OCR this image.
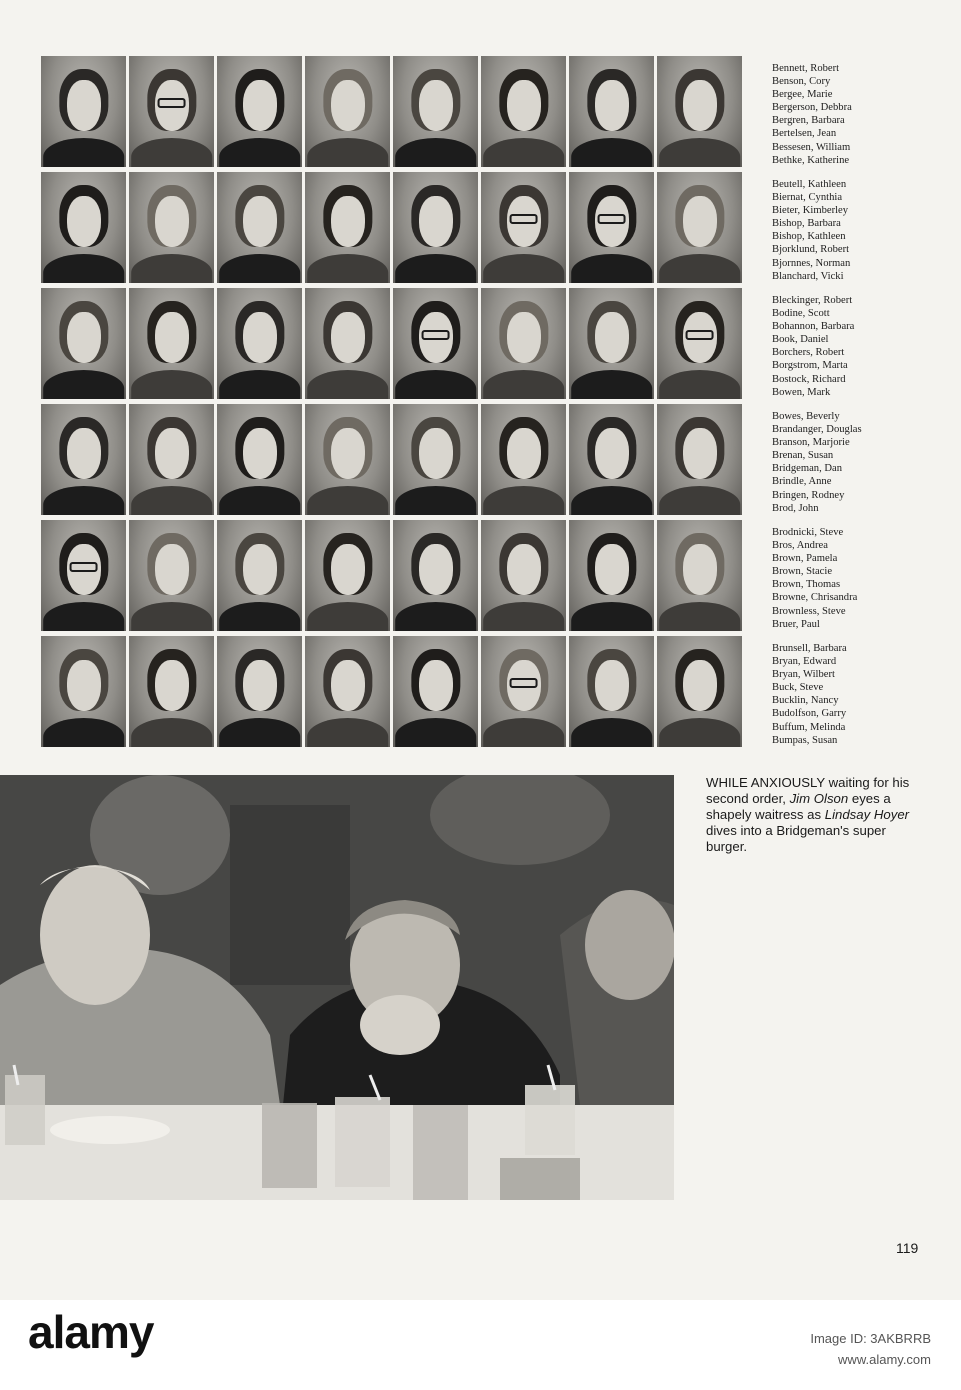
Bennett, Robert
Benson, Cory
Bergee, Marie
Bergerson, Debbra
Bergren, Barbara
Bertelsen, Jean
Bessesen, William
Bethke, Katherine
Beutell, Kathleen
Biernat, Cynthia
Bieter, Kimberley
Bishop, Barbara
Bishop, Kathleen
Bjorklund, Robert
Bjornnes, Norman
Blanchard, Vicki
Bleckinger, Robert
Bodine, Scott
Bohannon, Barbara
Book, Daniel
Borchers, Robert
Borgstrom, Marta
Bostock, Richard
Bowen, Mark
Bowes, Beverly
Brandanger, Douglas
Branson, Marjorie
Brenan, Susan
Bridgeman, Dan
Brindle, Anne
Bringen, Rodney
Brod, John
Brodnicki, Steve
Bros, Andrea
Brown, Pamela
Brown, Stacie
Brown, Thomas
Browne, Chrisandra
Brownless, Steve
Bruer, Paul
Brunsell, Barbara
Bryan, Edward
Bryan, Wilbert
Buck, Steve
Bucklin, Nancy
Budolfson, Garry
Buffum, Melinda
Bumpas, Susan
WHILE ANXIOUSLY waiting for his second order, Jim Olson eyes a shapely waitress as Lindsay Hoyer dives into a Bridgeman's super burger.
119
alamy	Image ID: 3AKBRRB
www.alamy.com
